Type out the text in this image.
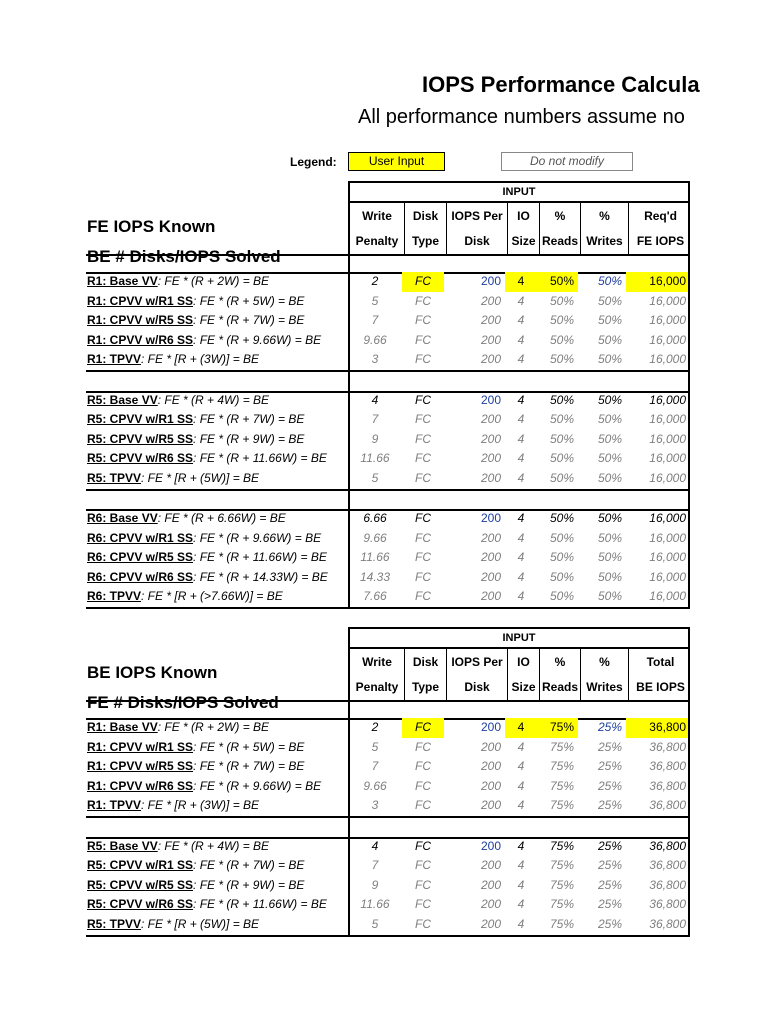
IOPS Performance Calcula
All performance numbers assume no
Legend:	User Input	Do not modify
INPUT
FE IOPS Known
BE # Disks/IOPS Solved
Write
Penalty
Disk
Type
IOPS Per
Disk
IO
Size
%
Reads
%
Writes
Req'd
FE IOPS
R1: Base VV: FE * (R + 2W) = BE	2	FC	200	4	50%	50%	16,000
R1: CPVV w/R1 SS: FE * (R + 5W) = BE	5	FC	200	4	50%	50%	16,000
R1: CPVV w/R5 SS: FE * (R + 7W) = BE	7	FC	200	4	50%	50%	16,000
R1: CPVV w/R6 SS: FE * (R + 9.66W) = BE	9.66	FC	200	4	50%	50%	16,000
R1: TPVV: FE * [R + (3W)] = BE	3	FC	200	4	50%	50%	16,000
R5: Base VV: FE * (R + 4W) = BE	4	FC	200	4	50%	50%	16,000
R5: CPVV w/R1 SS: FE * (R + 7W) = BE	7	FC	200	4	50%	50%	16,000
R5: CPVV w/R5 SS: FE * (R + 9W) = BE	9	FC	200	4	50%	50%	16,000
R5: CPVV w/R6 SS: FE * (R + 11.66W) = BE	11.66	FC	200	4	50%	50%	16,000
R5: TPVV: FE * [R + (5W)] = BE	5	FC	200	4	50%	50%	16,000
R6: Base VV: FE * (R + 6.66W) = BE	6.66	FC	200	4	50%	50%	16,000
R6: CPVV w/R1 SS: FE * (R + 9.66W) = BE	9.66	FC	200	4	50%	50%	16,000
R6: CPVV w/R5 SS: FE * (R + 11.66W) = BE	11.66	FC	200	4	50%	50%	16,000
R6: CPVV w/R6 SS: FE * (R + 14.33W) = BE	14.33	FC	200	4	50%	50%	16,000
R6: TPVV: FE * [R + (>7.66W)] = BE	7.66	FC	200	4	50%	50%	16,000
INPUT
BE IOPS Known
FE # Disks/IOPS Solved
Write
Penalty
Disk
Type
IOPS Per
Disk
IO
Size
%
Reads
%
Writes
Total
BE IOPS
R1: Base VV: FE * (R + 2W) = BE	2	FC	200	4	75%	25%	36,800
R1: CPVV w/R1 SS: FE * (R + 5W) = BE	5	FC	200	4	75%	25%	36,800
R1: CPVV w/R5 SS: FE * (R + 7W) = BE	7	FC	200	4	75%	25%	36,800
R1: CPVV w/R6 SS: FE * (R + 9.66W) = BE	9.66	FC	200	4	75%	25%	36,800
R1: TPVV: FE * [R + (3W)] = BE	3	FC	200	4	75%	25%	36,800
R5: Base VV: FE * (R + 4W) = BE	4	FC	200	4	75%	25%	36,800
R5: CPVV w/R1 SS: FE * (R + 7W) = BE	7	FC	200	4	75%	25%	36,800
R5: CPVV w/R5 SS: FE * (R + 9W) = BE	9	FC	200	4	75%	25%	36,800
R5: CPVV w/R6 SS: FE * (R + 11.66W) = BE	11.66	FC	200	4	75%	25%	36,800
R5: TPVV: FE * [R + (5W)] = BE	5	FC	200	4	75%	25%	36,800
